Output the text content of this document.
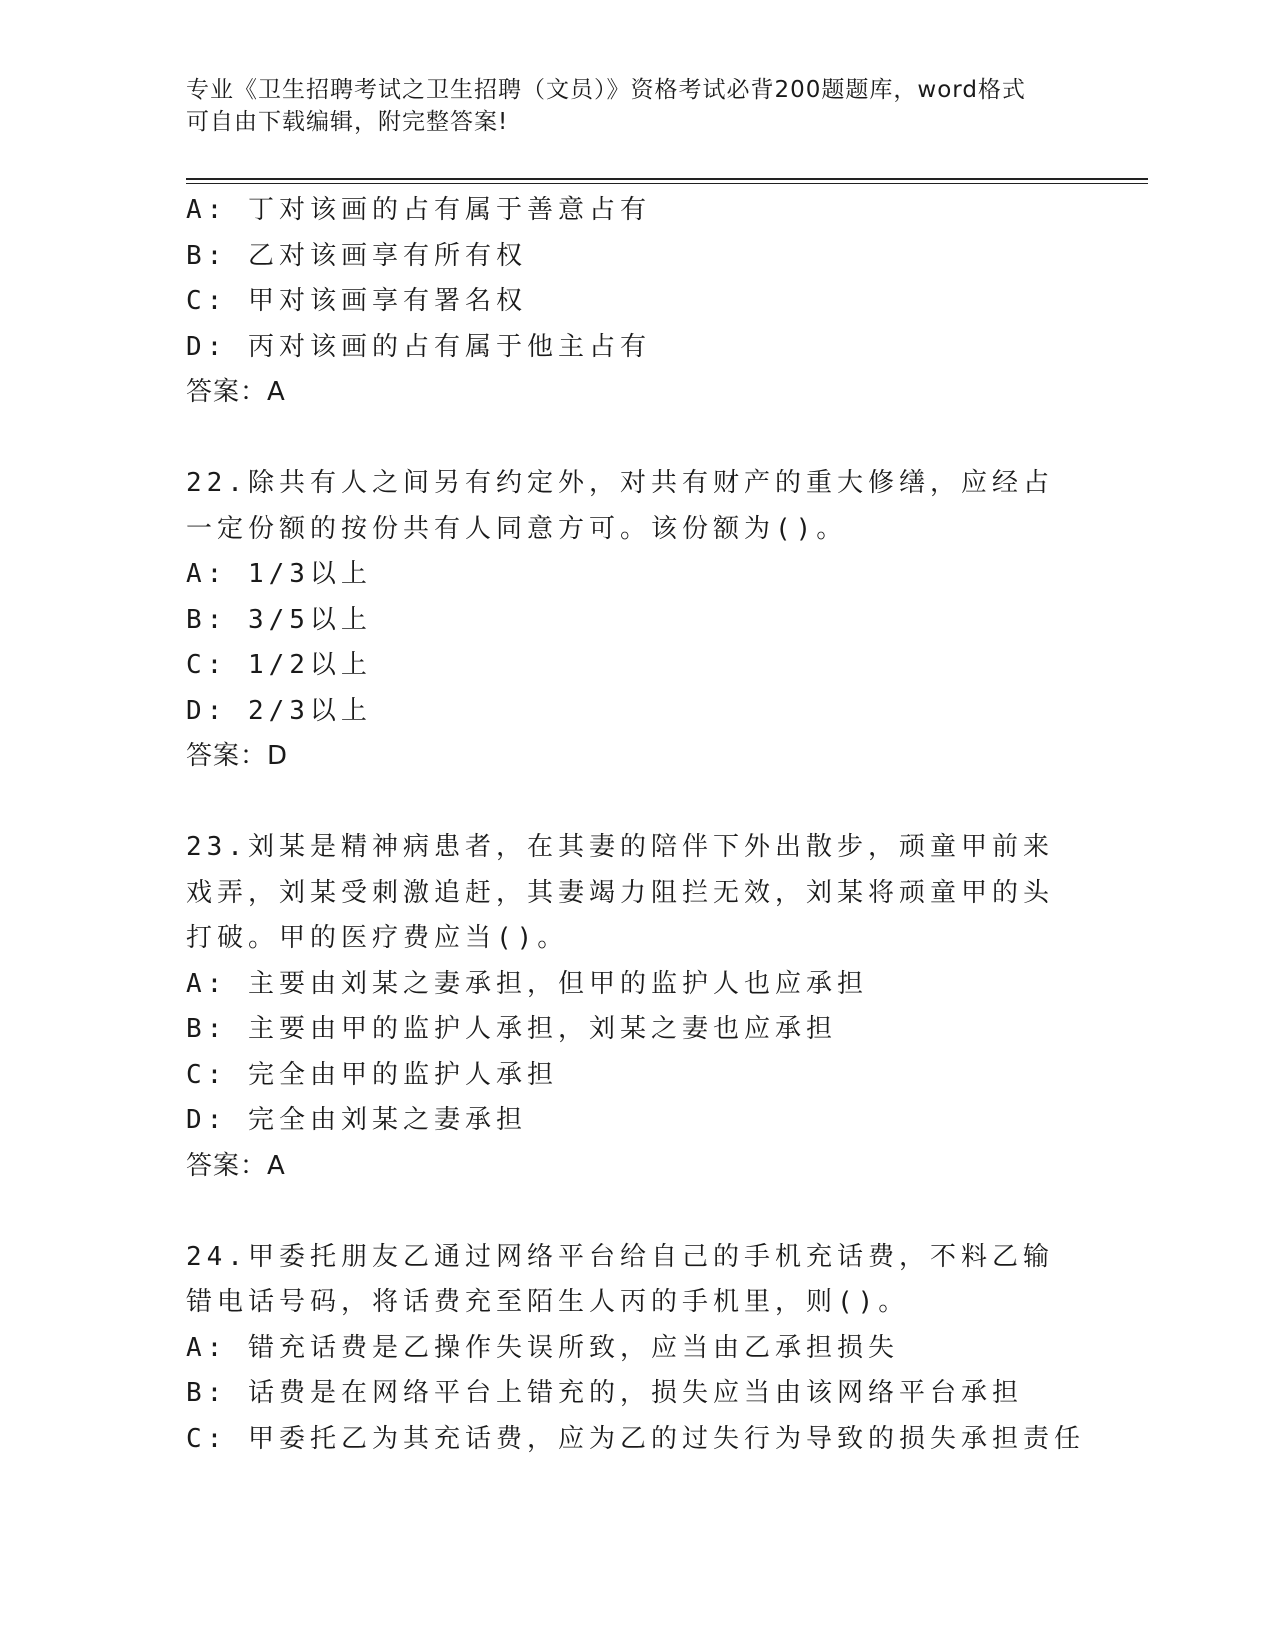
专业《卫生招聘考试之卫生招聘（文员）》资格考试必背200题题库，word格式
可自由下载编辑，附完整答案!
A: 丁对该画的占有属于善意占有
B: 乙对该画享有所有权
C: 甲对该画享有署名权
D: 丙对该画的占有属于他主占有
答案：A
22.除共有人之间另有约定外，对共有财产的重大修缮，应经占一定份额的按份共有人同意方可。该份额为()。
A: 1/3以上
B: 3/5以上
C: 1/2以上
D: 2/3以上
答案：D
23.刘某是精神病患者，在其妻的陪伴下外出散步，顽童甲前来戏弄，刘某受刺激追赶，其妻竭力阻拦无效，刘某将顽童甲的头打破。甲的医疗费应当()。
A: 主要由刘某之妻承担，但甲的监护人也应承担
B: 主要由甲的监护人承担，刘某之妻也应承担
C: 完全由甲的监护人承担
D: 完全由刘某之妻承担
答案：A
24.甲委托朋友乙通过网络平台给自己的手机充话费，不料乙输错电话号码，将话费充至陌生人丙的手机里，则()。
A: 错充话费是乙操作失误所致，应当由乙承担损失
B: 话费是在网络平台上错充的，损失应当由该网络平台承担
C: 甲委托乙为其充话费，应为乙的过失行为导致的损失承担责任
